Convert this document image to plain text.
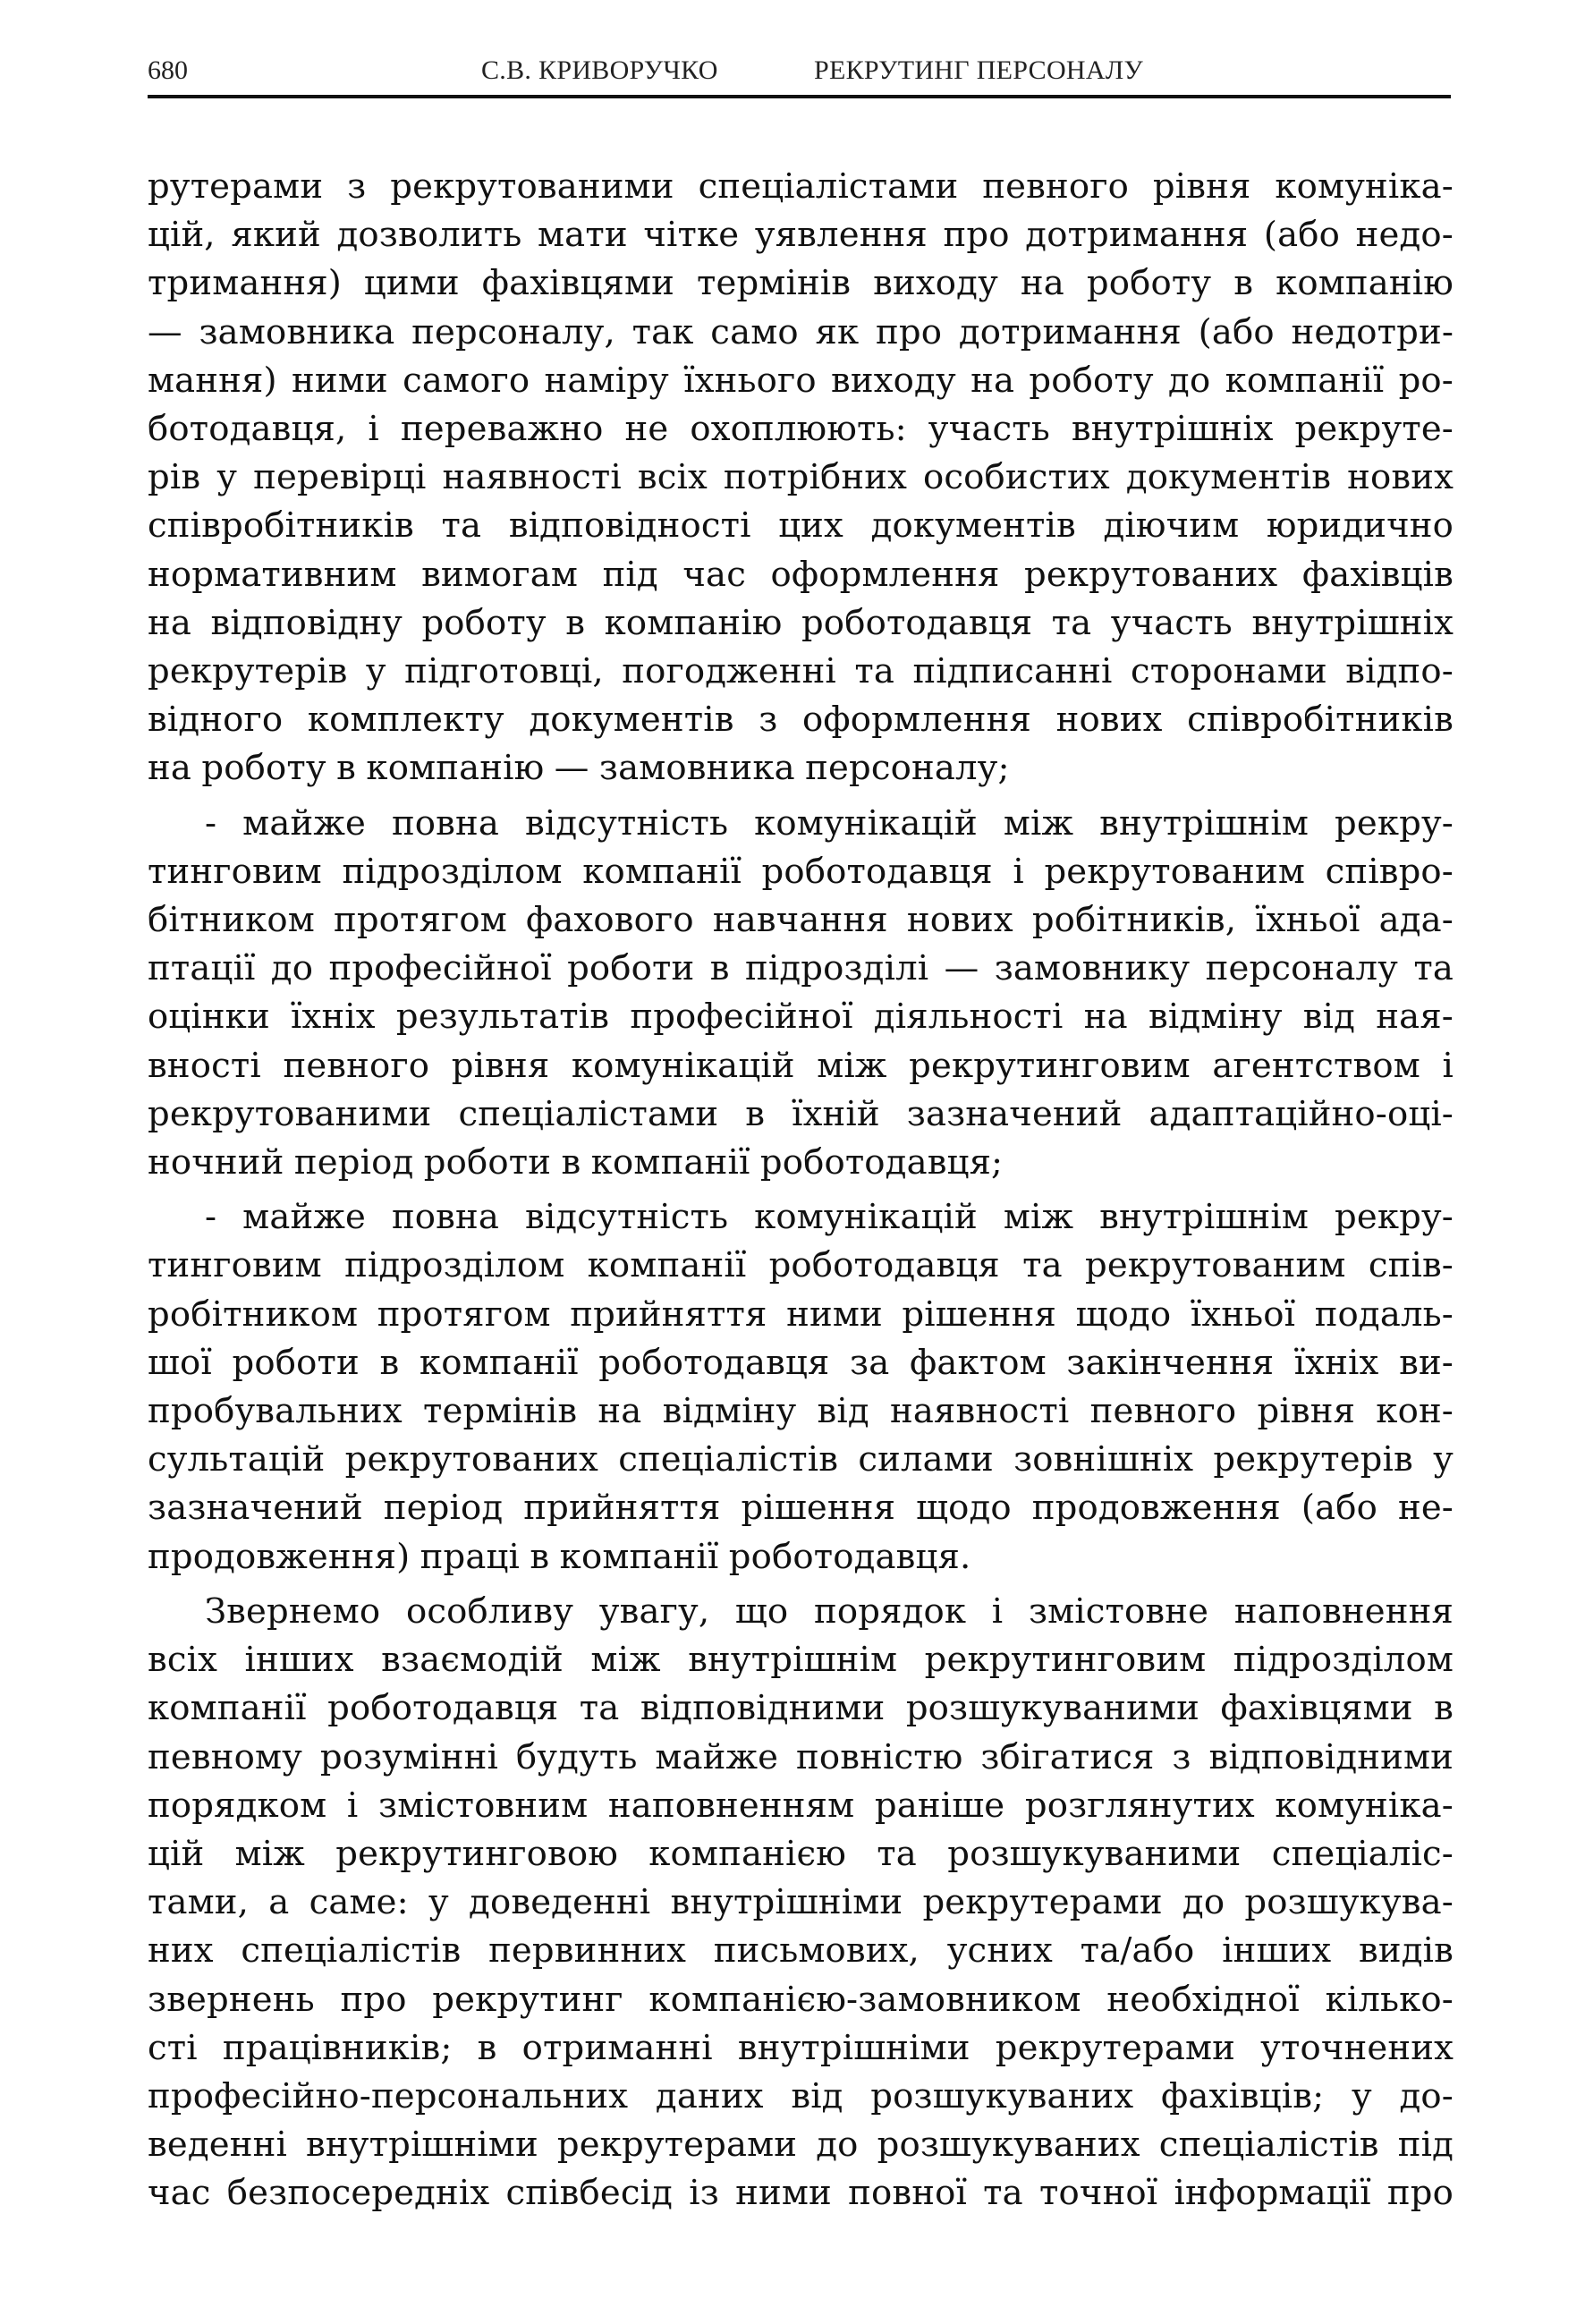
680	С.В. КРИВОРУЧКО	РЕКРУТИНГ ПЕРСОНАЛУ

рутерами з рекрутованими спеціалістами певного рівня комуніка-

цій, який дозволить мати чітке уявлення про дотримання (або недо-

тримання) цими фахівцями термінів виходу на роботу в компанію

— замовника персоналу, так само як про дотримання (або недотри-

мання) ними самого наміру їхнього виходу на роботу до компанії ро-

ботодавця, і переважно не охоплюють: участь внутрішніх рекруте-

рів у перевірці наявності всіх потрібних особистих документів нових

співробітників та відповідності цих документів діючим юридично

нормативним вимогам під час оформлення рекрутованих фахівців

на відповідну роботу в компанію роботодавця та участь внутрішніх

рекрутерів у підготовці, погодженні та підписанні сторонами відпо-

відного комплекту документів з оформлення нових співробітників

на роботу в компанію — замовника персоналу;

- майже повна відсутність комунікацій між внутрішнім рекру-

тинговим підрозділом компанії роботодавця і рекрутованим співро-

бітником протягом фахового навчання нових робітників, їхньої ада-

птації до професійної роботи в підрозділі — замовнику персоналу та

оцінки їхніх результатів професійної діяльності на відміну від ная-

вності певного рівня комунікацій між рекрутинговим агентством і

рекрутованими спеціалістами в їхній зазначений адаптаційно-оці-

ночний період роботи в компанії роботодавця;

- майже повна відсутність комунікацій між внутрішнім рекру-

тинговим підрозділом компанії роботодавця та рекрутованим спів-

робітником протягом прийняття ними рішення щодо їхньої подаль-

шої роботи в компанії роботодавця за фактом закінчення їхніх ви-

пробувальних термінів на відміну від наявності певного рівня кон-

сультацій рекрутованих спеціалістів силами зовнішніх рекрутерів у

зазначений період прийняття рішення щодо продовження (або не-

продовження) праці в компанії роботодавця.

Звернемо особливу увагу, що порядок і змістовне наповнення

всіх інших взаємодій між внутрішнім рекрутинговим підрозділом

компанії роботодавця та відповідними розшукуваними фахівцями в

певному розумінні будуть майже повністю збігатися з відповідними

порядком і змістовним наповненням раніше розглянутих комуніка-

цій між рекрутинговою компанією та розшукуваними спеціаліс-

тами, а саме: у доведенні внутрішніми рекрутерами до розшукува-

них спеціалістів первинних письмових, усних та/або інших видів

звернень про рекрутинг компанією-замовником необхідної кілько-

сті працівників; в отриманні внутрішніми рекрутерами уточнених

професійно-персональних даних від розшукуваних фахівців; у до-

веденні внутрішніми рекрутерами до розшукуваних спеціалістів під

час безпосередніх співбесід із ними повної та точної інформації про
